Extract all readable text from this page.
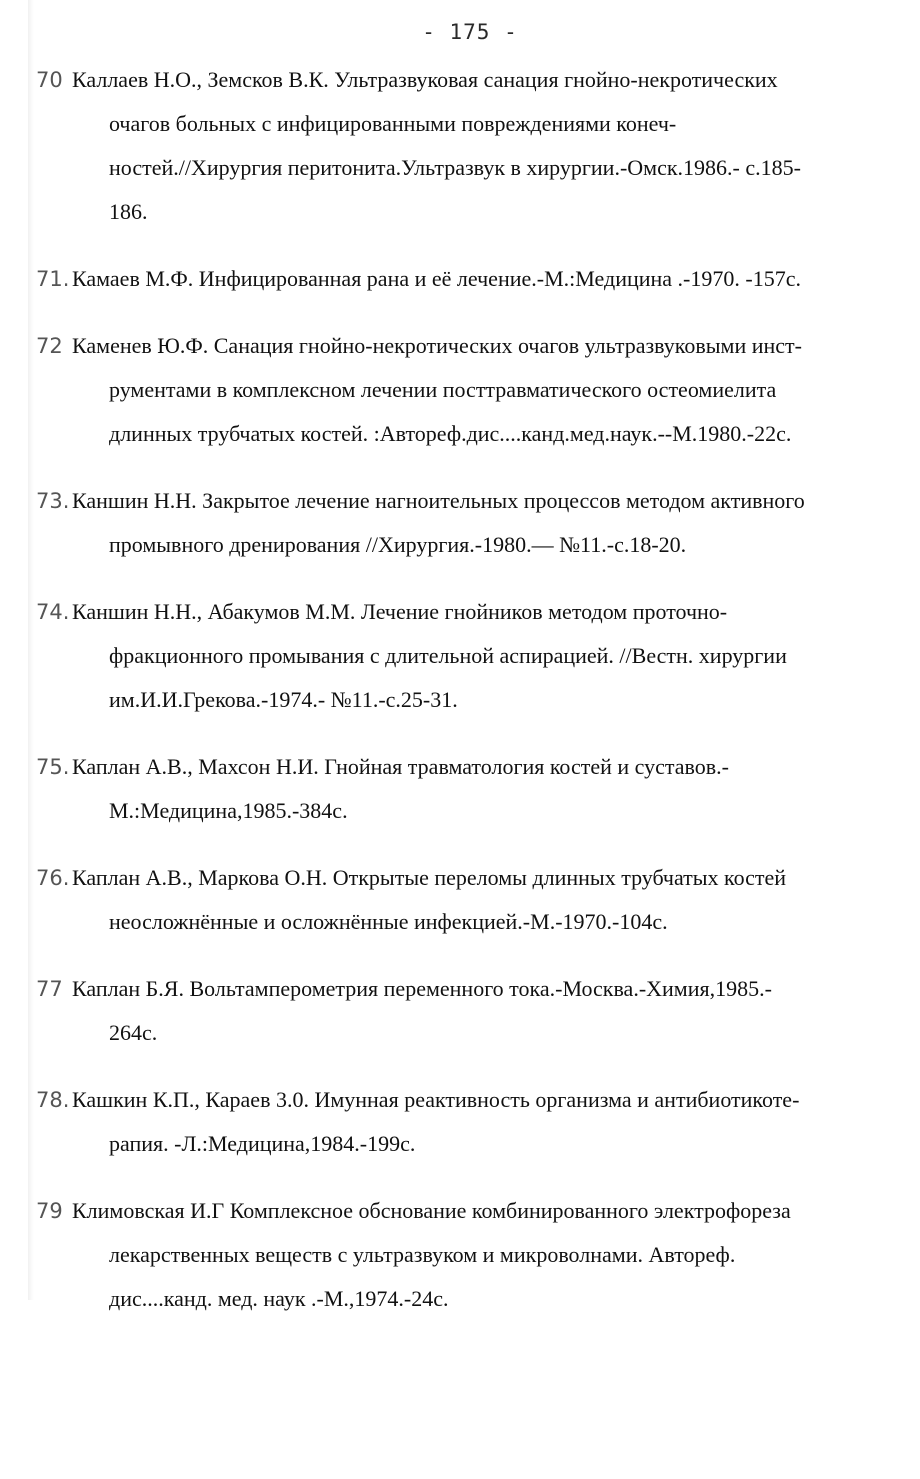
- 175 -
70 Каллаев Н.О., Земсков В.К. Ультразвуковая санация гнойно-некротических
очагов больных с инфицированными повреждениями конеч-
ностей.//Хирургия перитонита.Ультразвук в хирургии.-Омск.1986.- с.185-
186.
71. Камаев М.Ф. Инфицированная рана и её лечение.-М.:Медицина .-1970. -157с.
72 Каменев Ю.Ф. Санация гнойно-некротических очагов ультразвуковыми инст-
рументами в комплексном лечении посттравматического остеомиелита
длинных трубчатых костей. :Автореф.дис....канд.мед.наук.--М.1980.-22с.
73. Каншин Н.Н. Закрытое лечение нагноительных процессов методом активного
промывного дренирования //Хирургия.-1980.— №11.-с.18-20.
74. Каншин Н.Н., Абакумов М.М. Лечение гнойников методом проточно-
фракционного промывания с длительной аспирацией. //Вестн. хирургии
им.И.И.Грекова.-1974.- №11.-с.25-31.
75. Каплан А.В., Махсон Н.И. Гнойная травматология костей и суставов.-
М.:Медицина,1985.-384с.
76. Каплан А.В., Маркова О.Н. Открытые переломы длинных трубчатых костей
неосложнённые и осложнённые инфекцией.-М.-1970.-104с.
77 Каплан Б.Я. Вольтамперометрия переменного тока.-Москва.-Химия,1985.-
264с.
78. Кашкин К.П., Караев 3.0. Имунная реактивность организма и антибиотикоте-
рапия. -Л.:Медицина,1984.-199с.
79 Климовская И.Г Комплексное обснование комбинированного электрофореза
лекарственных веществ с ультразвуком и микроволнами. Автореф.
дис....канд. мед. наук .-М.,1974.-24с.
